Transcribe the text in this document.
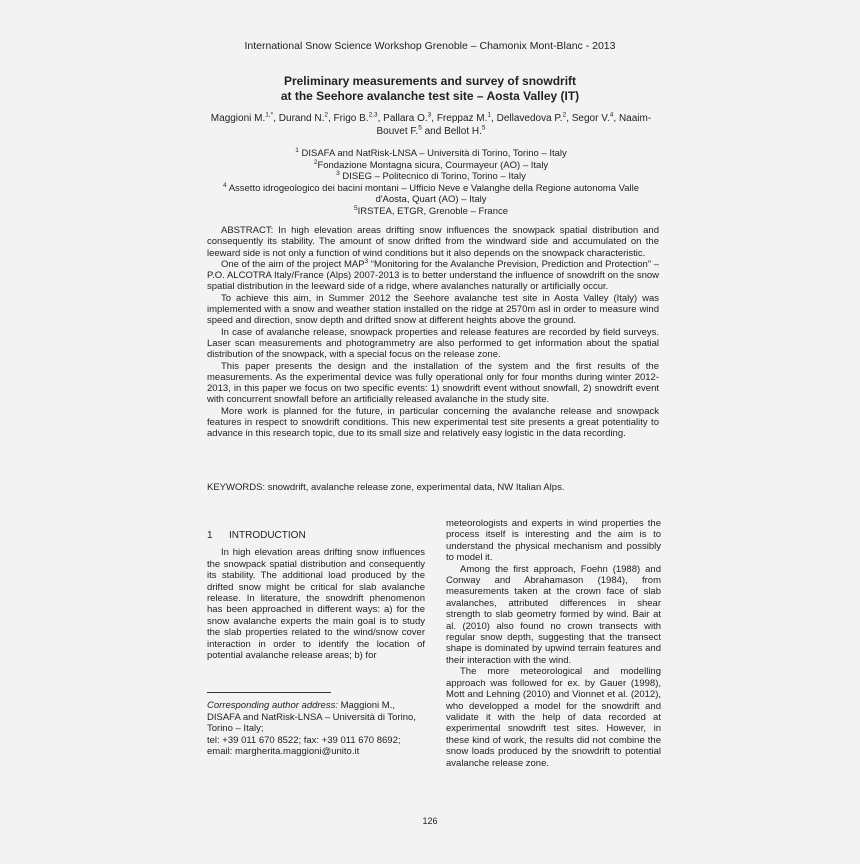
International Snow Science Workshop Grenoble – Chamonix Mont-Blanc - 2013
Preliminary measurements and survey of snowdrift
at the Seehore avalanche test site – Aosta Valley (IT)
Maggioni M.$^{1,*}$, Durand N.$^2$, Frigo B.$^{2,3}$, Pallara O.$^3$, Freppaz M.$^1$, Dellavedova P.$^2$, Segor V.$^4$, Naaim-Bouvet F.$^5$ and Bellot H.$^5$
$^1$ DISAFA and NatRisk-LNSA – Università di Torino, Torino – Italy
$^2$Fondazione Montagna sicura, Courmayeur (AO) – Italy
$^3$ DISEG – Politecnico di Torino, Torino – Italy
$^4$ Assetto idrogeologico dei bacini montani – Ufficio Neve e Valanghe della Regione autonoma Valle d'Aosta, Quart (AO) – Italy
$^5$IRSTEA, ETGR, Grenoble – France

ABSTRACT: In high elevation areas drifting snow influences the snowpack spatial distribution and consequently its stability. The amount of snow drifted from the windward side and accumulated on the leeward side is not only a function of wind conditions but it also depends on the snowpack characteristic.

One of the aim of the project MAP$^3$ “Monitoring for the Avalanche Prevision, Prediction and Protection” – P.O. ALCOTRA Italy/France (Alps) 2007-2013 is to better understand the influence of snowdrift on the snow spatial distribution in the leeward side of a ridge, where avalanches naturally or artificially occur.

To achieve this aim, in Summer 2012 the Seehore avalanche test site in Aosta Valley (Italy) was implemented with a snow and weather station installed on the ridge at 2570m asl in order to measure wind speed and direction, snow depth and drifted snow at different heights above the ground.

In case of avalanche release, snowpack properties and release features are recorded by field surveys. Laser scan measurements and photogrammetry are also performed to get information about the spatial distribution of the snowpack, with a special focus on the release zone.

This paper presents the design and the installation of the system and the first results of the measurements. As the experimental device was fully operational only for four months during winter 2012-2013, in this paper we focus on two specific events: 1) snowdrift event without snowfall, 2) snowdrift event with concurrent snowfall before an artificially released avalanche in the study site.

More work is planned for the future, in particular concerning the avalanche release and snowpack features in respect to snowdrift conditions. This new experimental test site presents a great potentiality to advance in this research topic, due to its small size and relatively easy logistic in the data recording.

KEYWORDS: snowdrift, avalanche release zone, experimental data, NW Italian Alps.
1 INTRODUCTION

In high elevation areas drifting snow influences the snowpack spatial distribution and consequently its stability. The additional load produced by the drifted snow might be critical for slab avalanche release. In literature, the snowdrift phenomenon has been approached in different ways: a) for the snow avalanche experts the main goal is to study the slab properties related to the wind/snow cover interaction in order to identify the location of potential avalanche release areas; b) for

meteorologists and experts in wind properties the process itself is interesting and the aim is to understand the physical mechanism and possibly to model it.

Among the first approach, Foehn (1988) and Conway and Abrahamason (1984), from measurements taken at the crown face of slab avalanches, attributed differences in shear strength to slab geometry formed by wind. Bair at al. (2010) also found no crown transects with regular snow depth, suggesting that the transect shape is dominated by upwind terrain features and their interaction with the wind.

The more meteorological and modelling approach was followed for ex. by Gauer (1998), Mott and Lehning (2010) and Vionnet et al. (2012), who developped a model for the snowdrift and validate it with the help of data recorded at experimental snowdrift test sites. However, in these kind of work, the results did not combine the snow loads produced by the snowdrift to potential avalanche release zone.

Corresponding author address: Maggioni M.,
DISAFA and NatRisk-LNSA – Università di Torino, Torino – Italy;
tel: +39 011 670 8522; fax: +39 011 670 8692;
email: margherita.maggioni@unito.it
126
